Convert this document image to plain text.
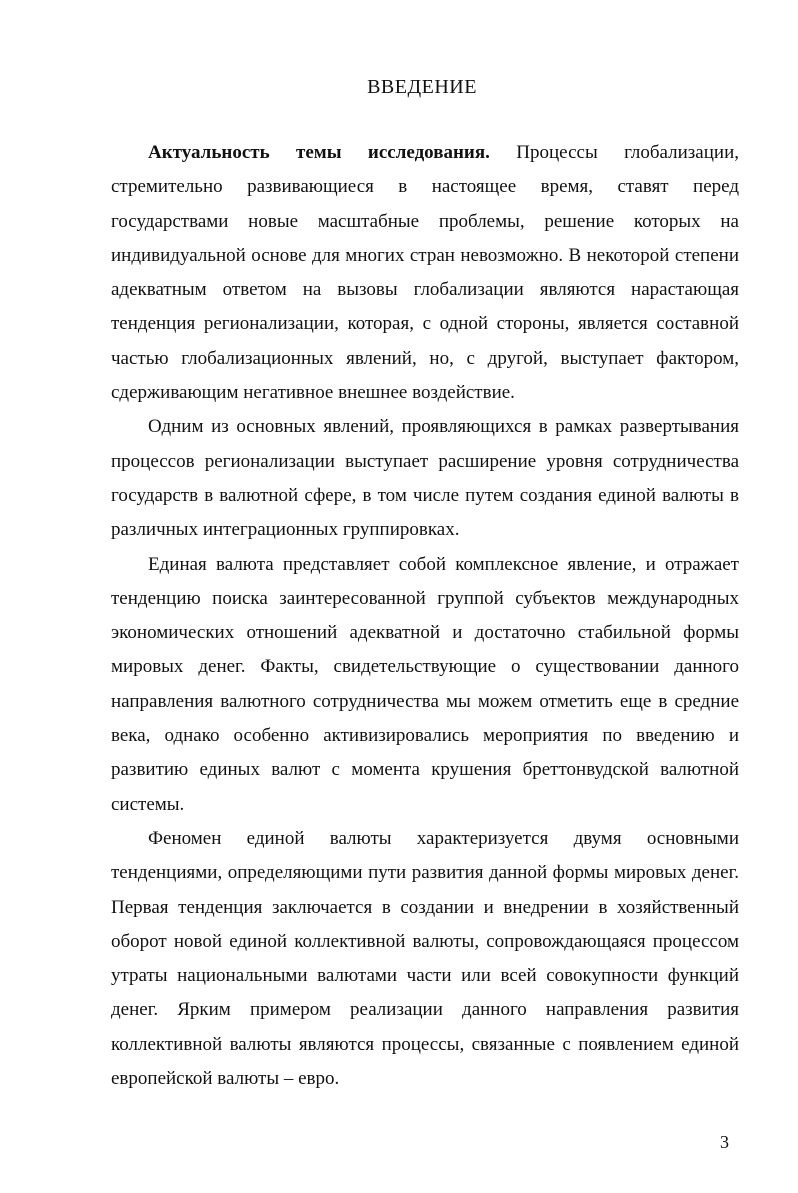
ВВЕДЕНИЕ

Актуальность темы исследования. Процессы глобализации, стремительно развивающиеся в настоящее время, ставят перед государствами новые масштабные проблемы, решение которых на индивидуальной основе для многих стран невозможно. В некоторой степени адекватным ответом на вызовы глобализации являются нарастающая тенденция регионализации, которая, с одной стороны, является составной частью глобализационных явлений, но, с другой, выступает фактором, сдерживающим негативное внешнее воздействие.

Одним из основных явлений, проявляющихся в рамках развертывания процессов регионализации выступает расширение уровня сотрудничества государств в валютной сфере, в том числе путем создания единой валюты в различных интеграционных группировках.

Единая валюта представляет собой комплексное явление, и отражает тенденцию поиска заинтересованной группой субъектов международных экономических отношений адекватной и достаточно стабильной формы мировых денег. Факты, свидетельствующие о существовании данного направления валютного сотрудничества мы можем отметить еще в средние века, однако особенно активизировались мероприятия по введению и развитию единых валют с момента крушения бреттонвудской валютной системы.

Феномен единой валюты характеризуется двумя основными тенденциями, определяющими пути развития данной формы мировых денег. Первая тенденция заключается в создании и внедрении в хозяйственный оборот новой единой коллективной валюты, сопровождающаяся процессом утраты национальными валютами части или всей совокупности функций денег. Ярким примером реализации данного направления развития коллективной валюты являются процессы, связанные с появлением единой европейской валюты – евро.

3
